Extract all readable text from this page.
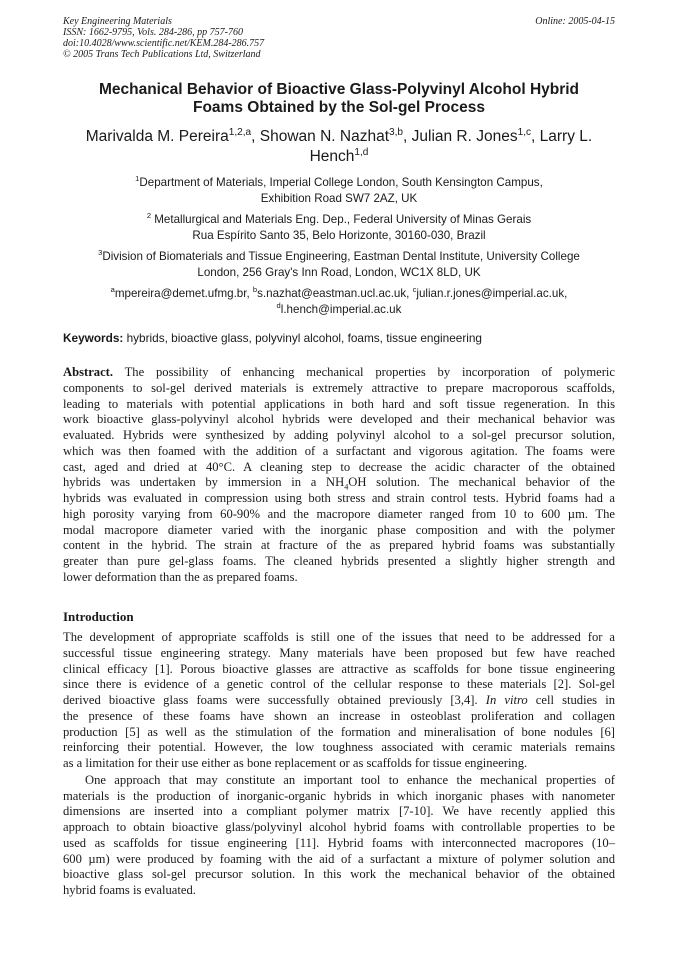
Key Engineering Materials
ISSN: 1662-9795, Vols. 284-286, pp 757-760
doi:10.4028/www.scientific.net/KEM.284-286.757
© 2005 Trans Tech Publications Ltd, Switzerland
Online: 2005-04-15
Mechanical Behavior of Bioactive Glass-Polyvinyl Alcohol Hybrid
Foams Obtained by the Sol-gel Process
Marivalda M. Pereira$^{1,2,a}$, Showan N. Nazhat$^{3,b}$, Julian R. Jones$^{1,c}$, Larry L.
Hench$^{1,d}$
$^1$Department of Materials, Imperial College London, South Kensington Campus,
Exhibition Road SW7 2AZ, UK
$^2$ Metallurgical and Materials Eng. Dep., Federal University of Minas Gerais
Rua Espírito Santo 35, Belo Horizonte, 30160-030, Brazil
$^3$Division of Biomaterials and Tissue Engineering, Eastman Dental Institute, University College
London, 256 Gray's Inn Road, London, WC1X 8LD, UK
$^a$mpereira@demet.ufmg.br, $^b$s.nazhat@eastman.ucl.ac.uk, $^c$julian.r.jones@imperial.ac.uk,
$^d$l.hench@imperial.ac.uk
Keywords: hybrids, bioactive glass, polyvinyl alcohol, foams, tissue engineering
Abstract. The possibility of enhancing mechanical properties by incorporation of polymeric
components to sol-gel derived materials is extremely attractive to prepare macroporous scaffolds,
leading to materials with potential applications in both hard and soft tissue regeneration. In this
work bioactive glass-polyvinyl alcohol hybrids were developed and their mechanical behavior was
evaluated. Hybrids were synthesized by adding polyvinyl alcohol to a sol-gel precursor solution,
which was then foamed with the addition of a surfactant and vigorous agitation. The foams were
cast, aged and dried at 40°C. A cleaning step to decrease the acidic character of the obtained
hybrids was undertaken by immersion in a $NH_4OH$ solution. The mechanical behavior of the
hybrids was evaluated in compression using both stress and strain control tests. Hybrid foams had a
high porosity varying from 60-90% and the macropore diameter ranged from 10 to 600 µm. The
modal macropore diameter varied with the inorganic phase composition and with the polymer
content in the hybrid. The strain at fracture of the as prepared hybrid foams was substantially
greater than pure gel-glass foams. The cleaned hybrids presented a slightly higher strength and
lower deformation than the as prepared foams.
Introduction
The development of appropriate scaffolds is still one of the issues that need to be addressed for a
successful tissue engineering strategy. Many materials have been proposed but few have reached
clinical efficacy [1]. Porous bioactive glasses are attractive as scaffolds for bone tissue engineering
since there is evidence of a genetic control of the cellular response to these materials [2]. Sol-gel
derived bioactive glass foams were successfully obtained previously [3,4]. In vitro cell studies in
the presence of these foams have shown an increase in osteoblast proliferation and collagen
production [5] as well as the stimulation of the formation and mineralisation of bone nodules [6]
reinforcing their potential. However, the low toughness associated with ceramic materials remains
as a limitation for their use either as bone replacement or as scaffolds for tissue engineering.
One approach that may constitute an important tool to enhance the mechanical properties of
materials is the production of inorganic-organic hybrids in which inorganic phases with nanometer
dimensions are inserted into a compliant polymer matrix [7-10]. We have recently applied this
approach to obtain bioactive glass/polyvinyl alcohol hybrid foams with controllable properties to be
used as scaffolds for tissue engineering [11]. Hybrid foams with interconnected macropores (10–
600 µm) were produced by foaming with the aid of a surfactant a mixture of polymer solution and
bioactive glass sol-gel precursor solution. In this work the mechanical behavior of the obtained
hybrid foams is evaluated.
